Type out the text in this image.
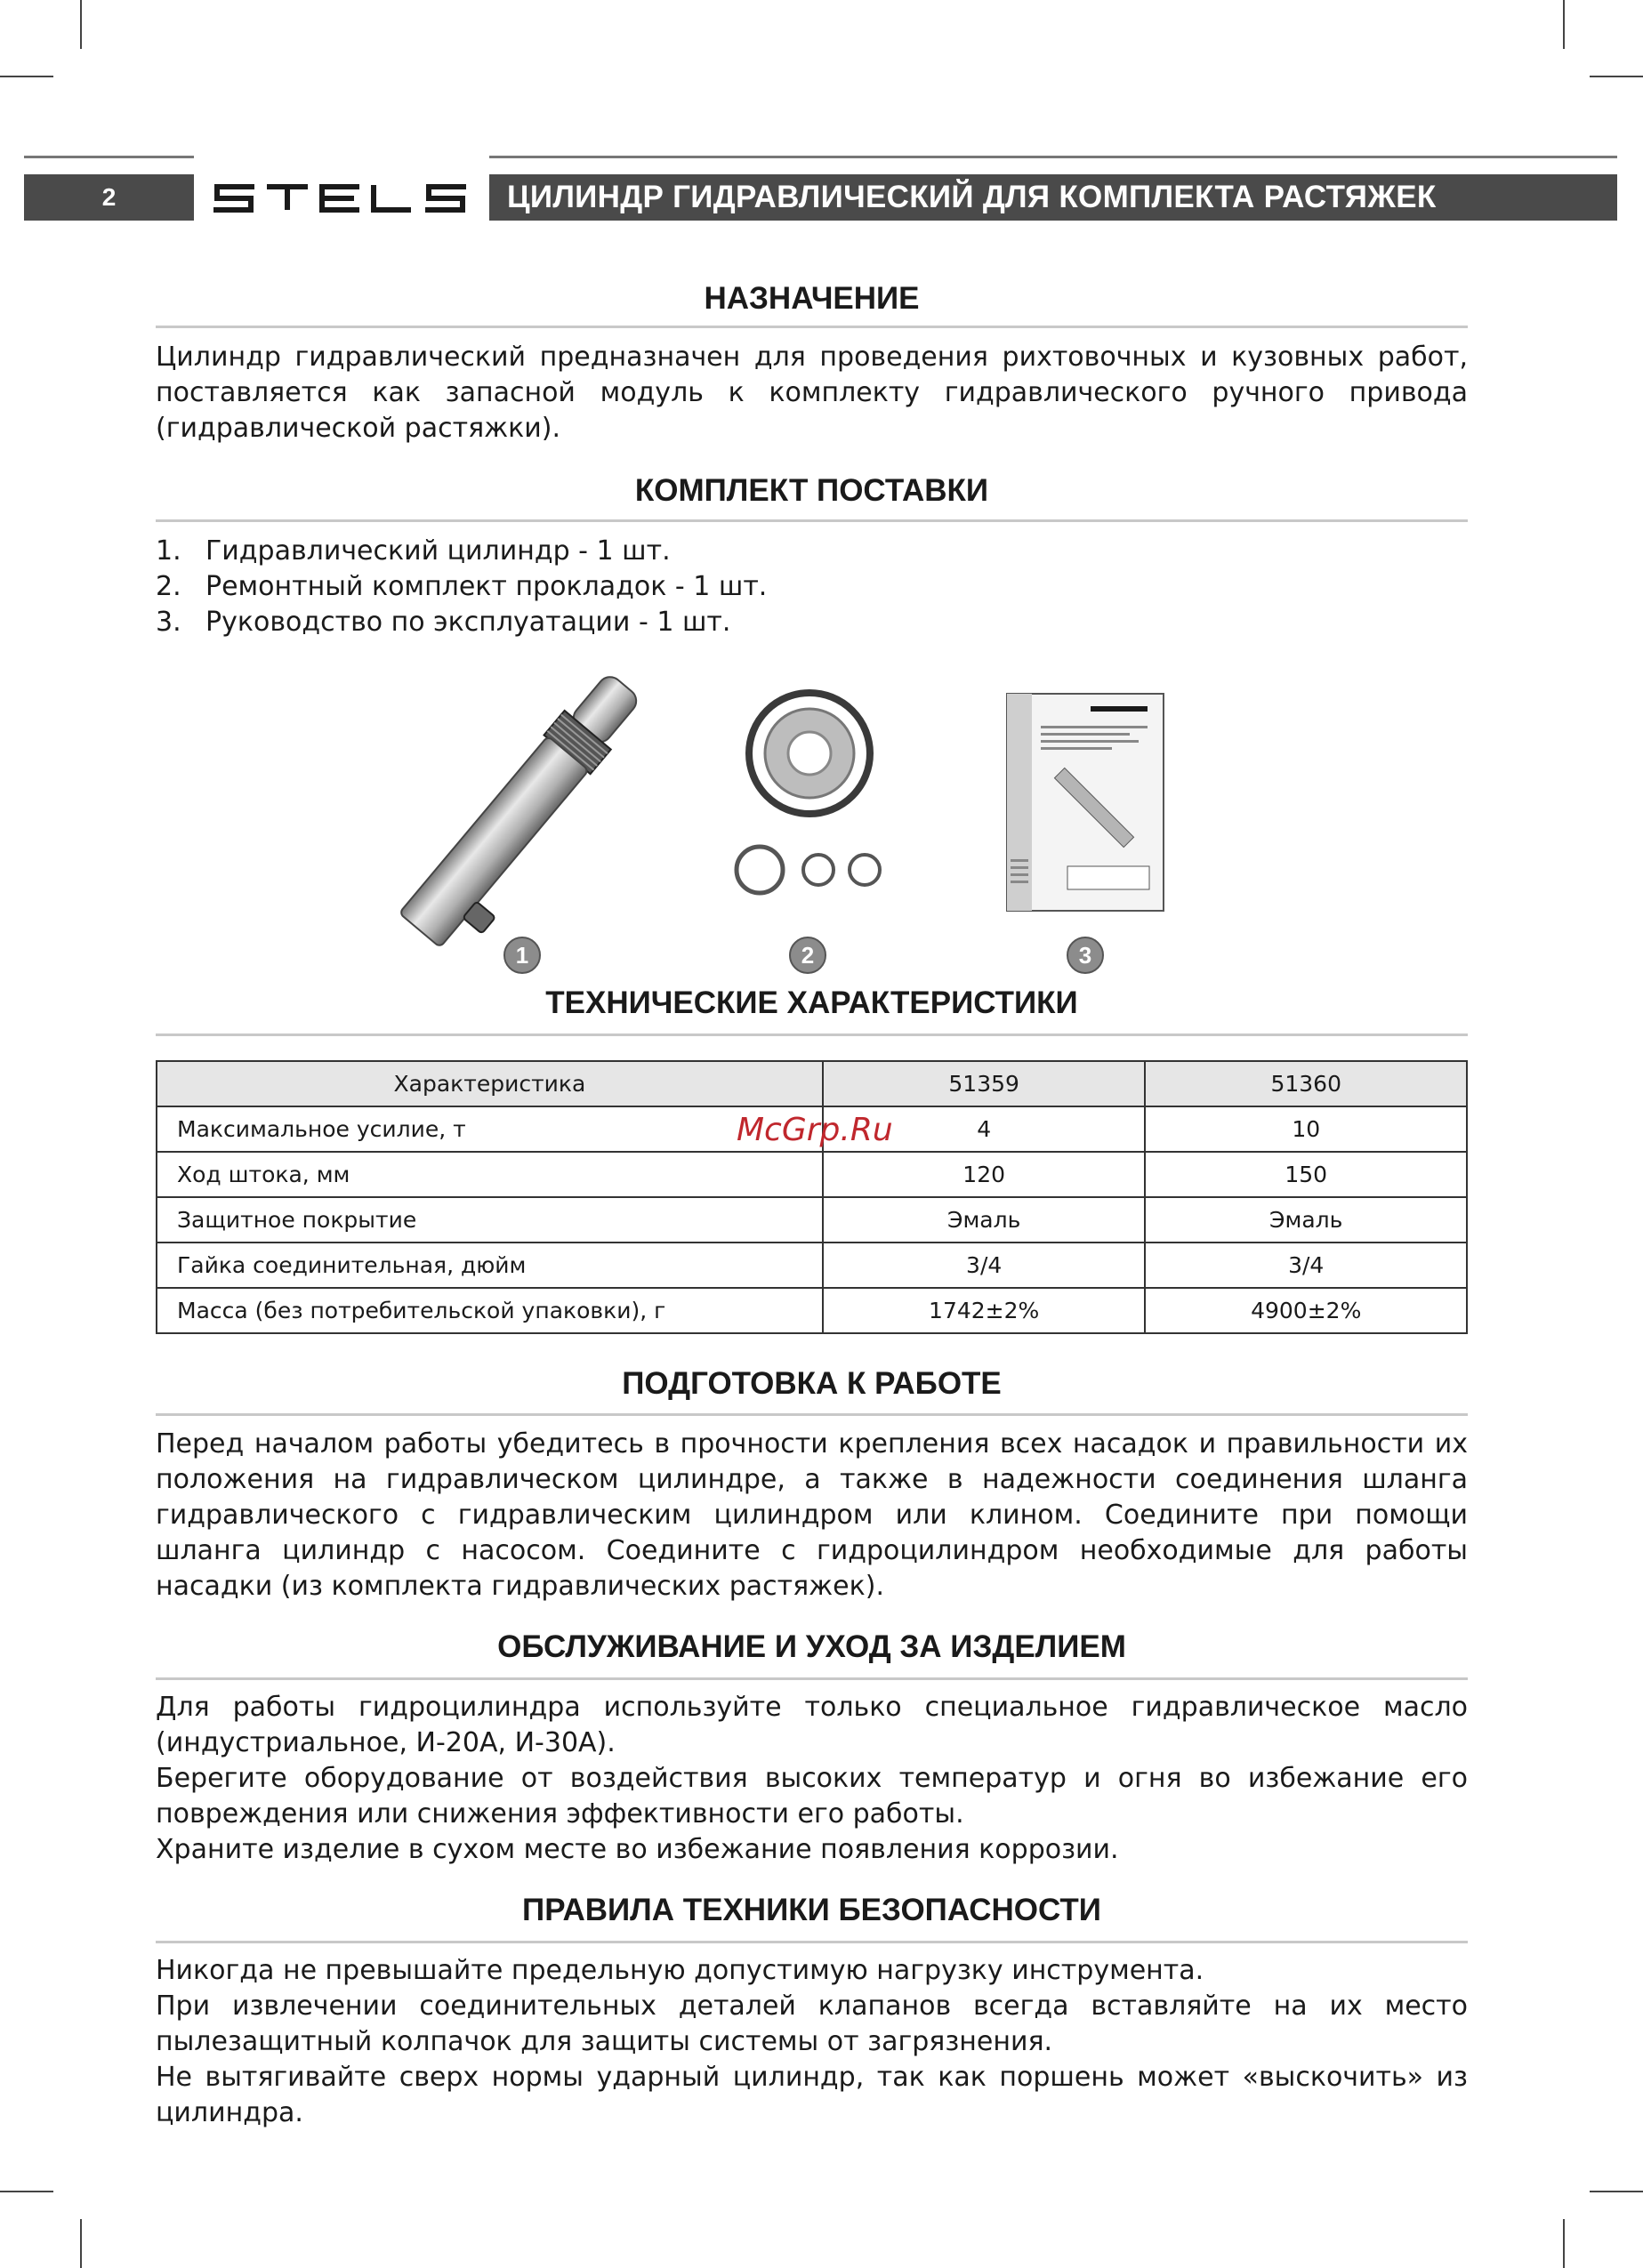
2	ЦИЛИНДР ГИДРАВЛИЧЕСКИЙ ДЛЯ КОМПЛЕКТА РАСТЯЖЕК
НАЗНАЧЕНИЕ
Цилиндр гидравлический предназначен для проведения рихтовочных и кузовных работ, поставляется как запасной модуль к комплекту гидравлического ручного привода (гидравлической растяжки).
КОМПЛЕКТ ПОСТАВКИ
1. Гидравлический цилиндр - 1 шт.
2. Ремонтный комплект прокладок - 1 шт.
3. Руководство по эксплуатации - 1 шт.
1	2	3
ТЕХНИЧЕСКИЕ ХАРАКТЕРИСТИКИ
Характеристика	51359	51360
Максимальное усилие, т	4	10
Ход штока, мм	120	150
Защитное покрытие	Эмаль	Эмаль
Гайка соединительная, дюйм	3/4	3/4
Масса (без потребительской упаковки), г	1742±2%	4900±2%
McGrp.Ru
ПОДГОТОВКА К РАБОТЕ
Перед началом работы убедитесь в прочности крепления всех насадок и правильности их положения на гидравлическом цилиндре, а также в надежности соединения шланга гидравлического с гидравлическим цилиндром или клином. Соедините при помощи шланга цилиндр с насосом. Соедините с гидроцилиндром необходимые для работы насадки (из комплекта гидравлических растяжек).
ОБСЛУЖИВАНИЕ И УХОД ЗА ИЗДЕЛИЕМ

Для работы гидроцилиндра используйте только специальное гидравлическое масло (индустриальное, И-20А, И-30А).

Берегите оборудование от воздействия высоких температур и огня во избежание его повреждения или снижения эффективности его работы.

Храните изделие в сухом месте во избежание появления коррозии.

ПРАВИЛА ТЕХНИКИ БЕЗОПАСНОСТИ

Никогда не превышайте предельную допустимую нагрузку инструмента.

При извлечении соединительных деталей клапанов всегда вставляйте на их место пылезащитный колпачок для защиты системы от загрязнения.

Не вытягивайте сверх нормы ударный цилиндр, так как поршень может «выскочить» из цилиндра.
